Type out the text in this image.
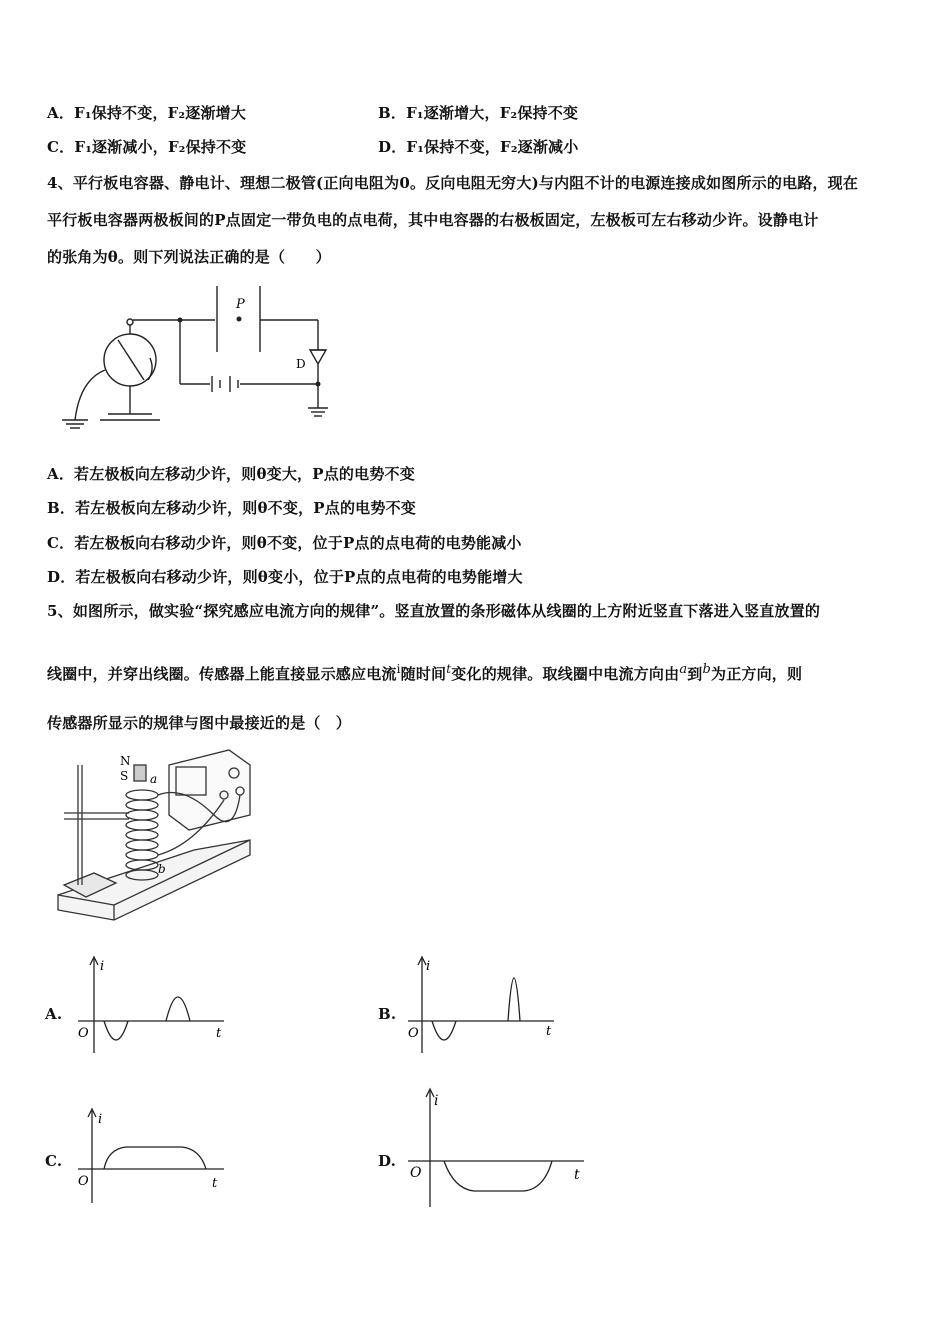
A．F₁保持不变，F₂逐渐增大	B．F₁逐渐增大，F₂保持不变
C．F₁逐渐减小，F₂保持不变	D．F₁保持不变，F₂逐渐减小
4、平行板电容器、静电计、理想二极管(正向电阻为0。反向电阻无穷大)与内阻不计的电源连接成如图所示的电路，现在
平行板电容器两极板间的P点固定一带负电的点电荷，其中电容器的右极板固定，左极板可左右移动少许。设静电计
的张角为θ。则下列说法正确的是（　　）
P
D
A．若左极板向左移动少许，则θ变大，P点的电势不变
B．若左极板向左移动少许，则θ不变，P点的电势不变
C．若左极板向右移动少许，则θ不变，位于P点的点电荷的电势能减小
D．若左极板向右移动少许，则θ变小，位于P点的点电荷的电势能增大
5、如图所示，做实验“探究感应电流方向的规律”。竖直放置的条形磁体从线圈的上方附近竖直下落进入竖直放置的
线圈中，并穿出线圈。传感器上能直接显示感应电流$^i$随时间$^t$变化的规律。取线圈中电流方向由$^a$到$^b$为正方向，则
传感器所显示的规律与图中最接近的是（　）
N
S a
b
A.
i
O	t
B.
i
O	t
C.
i
O	t
D.
i
O	t
